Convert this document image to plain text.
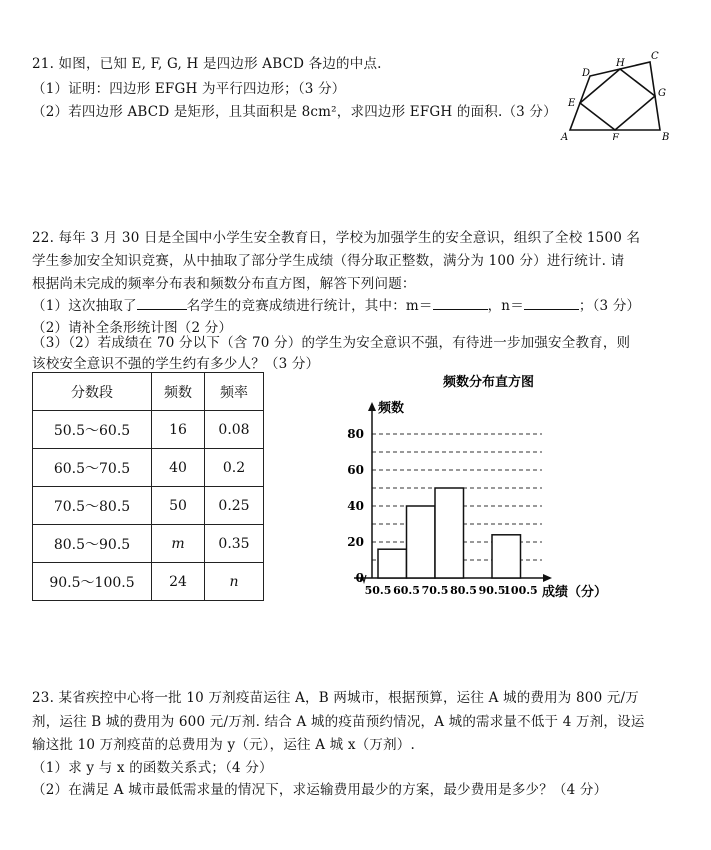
21. 如图，已知 E, F, G, H 是四边形 ABCD 各边的中点.
（1）证明：四边形 EFGH 为平行四边形；（3 分）
（2）若四边形 ABCD 是矩形，且其面积是 8cm²，求四边形 EFGH 的面积.（3 分）
A	B
C
D
E
F
G
H
22. 每年 3 月 30 日是全国中小学生安全教育日，学校为加强学生的安全意识，组织了全校 1500 名
学生参加安全知识竞赛，从中抽取了部分学生成绩（得分取正整数，满分为 100 分）进行统计. 请
根据尚未完成的频率分布表和频数分布直方图，解答下列问题：
（1）这次抽取了	名学生的竞赛成绩进行统计，其中：m＝	，n＝	；（3 分）
（2）请补全条形统计图（2 分）
（3）（2）若成绩在 70 分以下（含 70 分）的学生为安全意识不强，有待进一步加强安全教育，则
该校安全意识不强的学生约有多少人？（3 分）
分数段	频数	频率
50.5～60.5	16	0.08
60.5～70.5	40	0.2
70.5～80.5	50	0.25
80.5～90.5	m	0.35
90.5～100.5	24	n
频数分布直方图
0
20
40
60
80
50.5 60.5 70.5 80.5 90.5
100.5
频数
成绩（分）
23. 某省疾控中心将一批 10 万剂疫苗运往 A，B 两城市，根据预算，运往 A 城的费用为 800 元/万
剂，运往 B 城的费用为 600 元/万剂. 结合 A 城的疫苗预约情况，A 城的需求量不低于 4 万剂，设运
输这批 10 万剂疫苗的总费用为 y（元），运往 A 城 x（万剂）.
（1）求 y 与 x 的函数关系式；（4 分）
（2）在满足 A 城市最低需求量的情况下，求运输费用最少的方案，最少费用是多少？（4 分）
